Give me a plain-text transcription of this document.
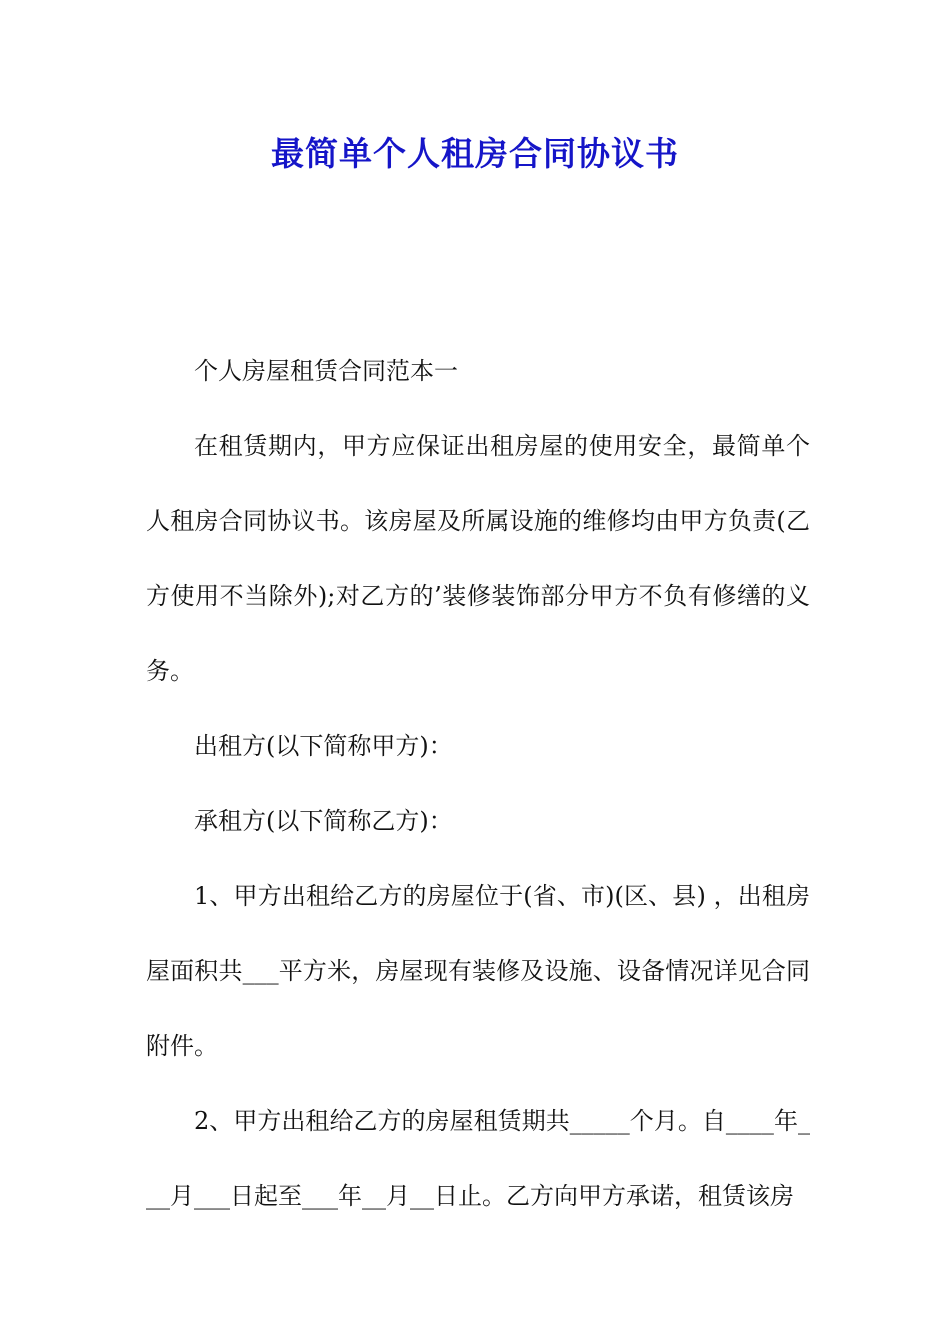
最简单个人租房合同协议书

个人房屋租赁合同范本一

在租赁期内，甲方应保证出租房屋的使用安全，最简单个人租房合同协议书。该房屋及所属设施的维修均由甲方负责(乙方使用不当除外);对乙方的’装修装饰部分甲方不负有修缮的义务。

出租方(以下简称甲方)：

承租方(以下简称乙方)：

1、甲方出租给乙方的房屋位于(省、市)(区、县) ，出租房屋面积共___平方米，房屋现有装修及设施、设备情况详见合同附件。

2、甲方出租给乙方的房屋租赁期共_____个月。自____年___月___日起至___年__月__日止。乙方向甲方承诺，租赁该房
